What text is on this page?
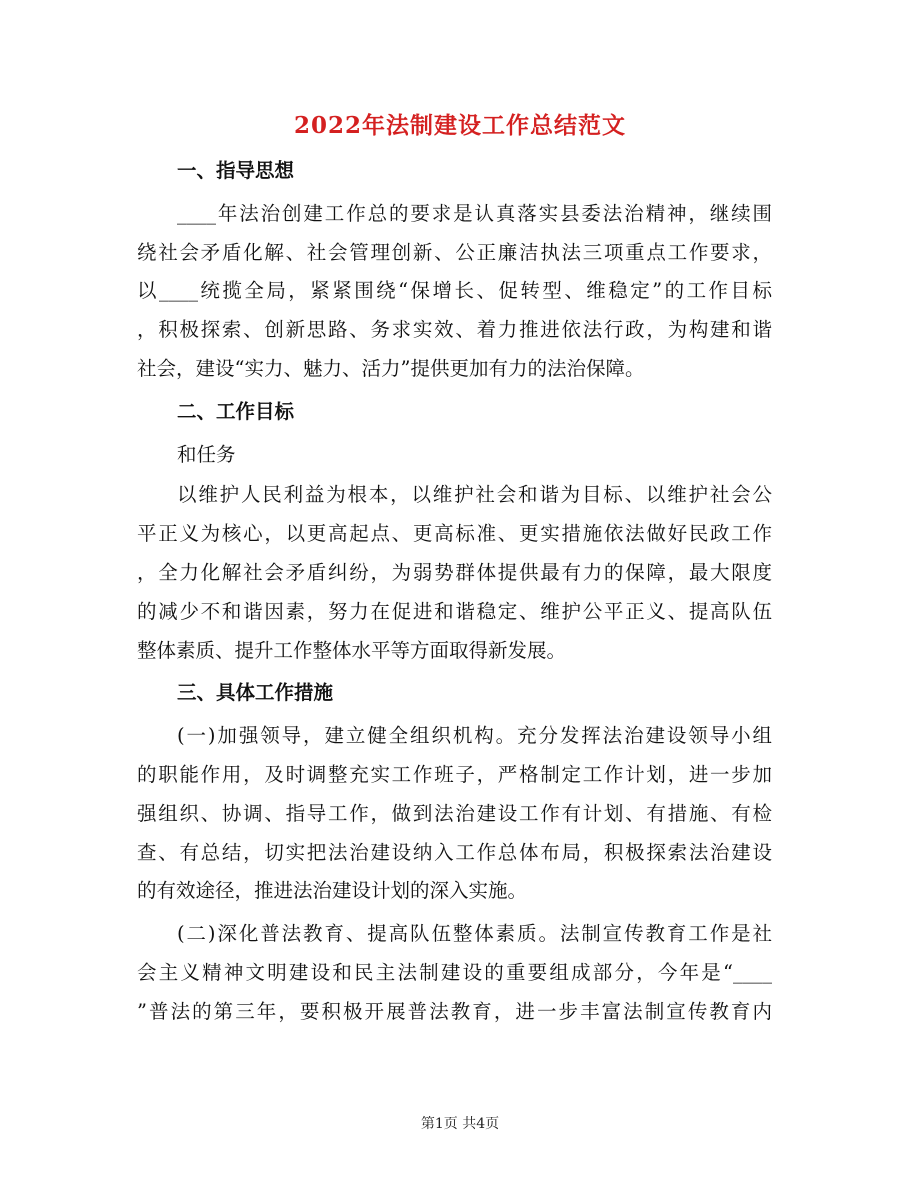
2022年法制建设工作总结范文
一、指导思想
____年法治创建工作总的要求是认真落实县委法治精神，继续围
绕社会矛盾化解、社会管理创新、公正廉洁执法三项重点工作要求，
以____统揽全局，紧紧围绕“保增长、促转型、维稳定”的工作目标
，积极探索、创新思路、务求实效、着力推进依法行政，为构建和谐
社会，建设“实力、魅力、活力”提供更加有力的法治保障。
二、工作目标
和任务
以维护人民利益为根本，以维护社会和谐为目标、以维护社会公
平正义为核心，以更高起点、更高标准、更实措施依法做好民政工作
，全力化解社会矛盾纠纷，为弱势群体提供最有力的保障，最大限度
的减少不和谐因素，努力在促进和谐稳定、维护公平正义、提高队伍
整体素质、提升工作整体水平等方面取得新发展。
三、具体工作措施
(一)加强领导，建立健全组织机构。充分发挥法治建设领导小组
的职能作用，及时调整充实工作班子，严格制定工作计划，进一步加
强组织、协调、指导工作，做到法治建设工作有计划、有措施、有检
查、有总结，切实把法治建设纳入工作总体布局，积极探索法治建设
的有效途径，推进法治建设计划的深入实施。
(二)深化普法教育、提高队伍整体素质。法制宣传教育工作是社
会主义精神文明建设和民主法制建设的重要组成部分，今年是“____
”普法的第三年，要积极开展普法教育，进一步丰富法制宣传教育内
第1页 共4页
